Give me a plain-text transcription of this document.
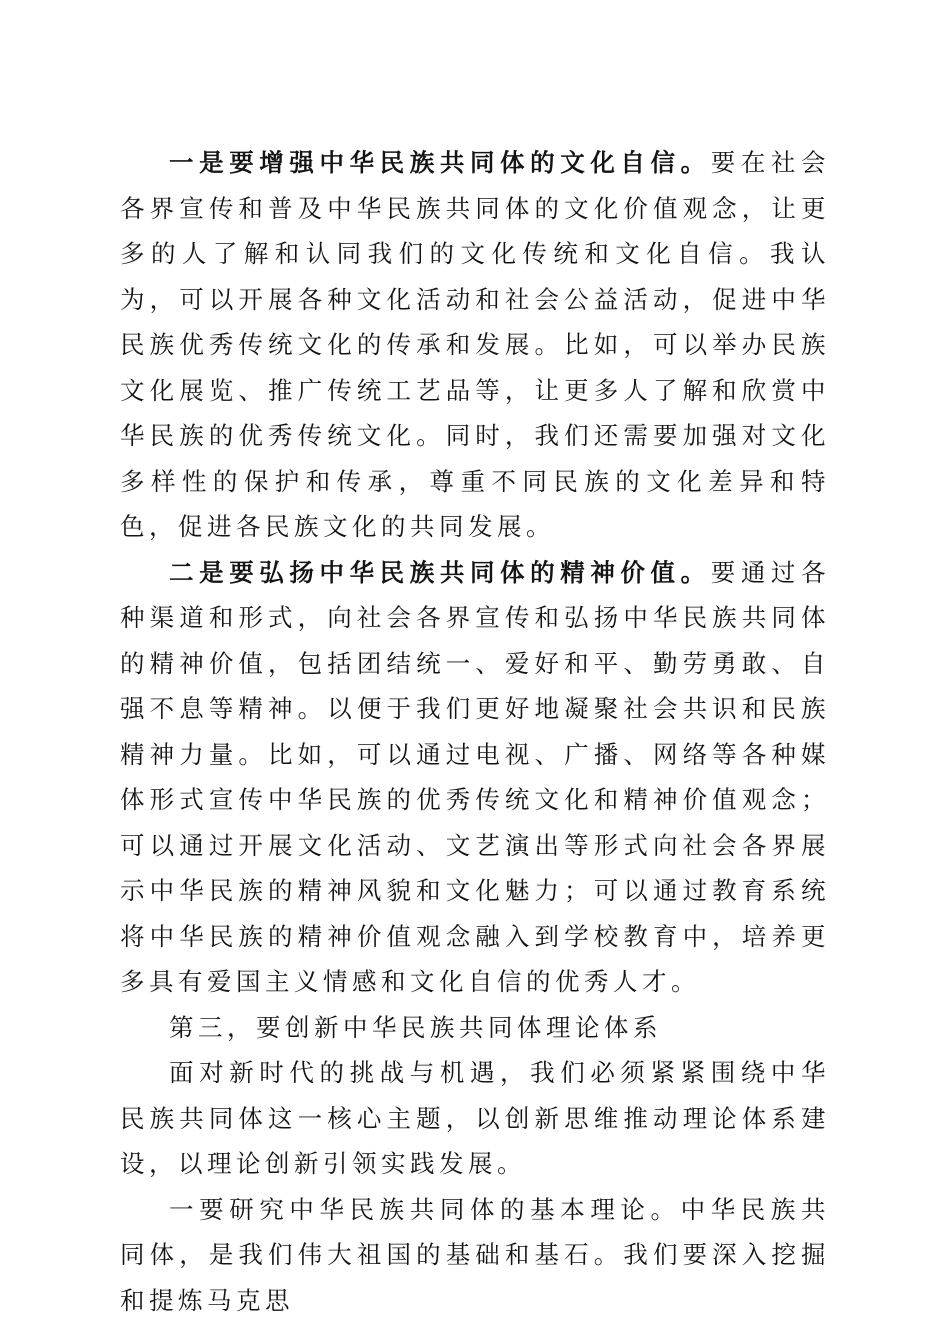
一是要增强中华民族共同体的文化自信。要在社会各界宣传和普及中华民族共同体的文化价值观念，让更多的人了解和认同我们的文化传统和文化自信。我认为，可以开展各种文化活动和社会公益活动，促进中华民族优秀传统文化的传承和发展。比如，可以举办民族文化展览、推广传统工艺品等，让更多人了解和欣赏中华民族的优秀传统文化。同时，我们还需要加强对文化多样性的保护和传承，尊重不同民族的文化差异和特色，促进各民族文化的共同发展。

二是要弘扬中华民族共同体的精神价值。要通过各种渠道和形式，向社会各界宣传和弘扬中华民族共同体的精神价值，包括团结统一、爱好和平、勤劳勇敢、自强不息等精神。以便于我们更好地凝聚社会共识和民族精神力量。比如，可以通过电视、广播、网络等各种媒体形式宣传中华民族的优秀传统文化和精神价值观念；可以通过开展文化活动、文艺演出等形式向社会各界展示中华民族的精神风貌和文化魅力；可以通过教育系统将中华民族的精神价值观念融入到学校教育中，培养更多具有爱国主义情感和文化自信的优秀人才。

第三，要创新中华民族共同体理论体系

面对新时代的挑战与机遇，我们必须紧紧围绕中华民族共同体这一核心主题，以创新思维推动理论体系建设，以理论创新引领实践发展。

一要研究中华民族共同体的基本理论。中华民族共同体，是我们伟大祖国的基础和基石。我们要深入挖掘和提炼马克思
